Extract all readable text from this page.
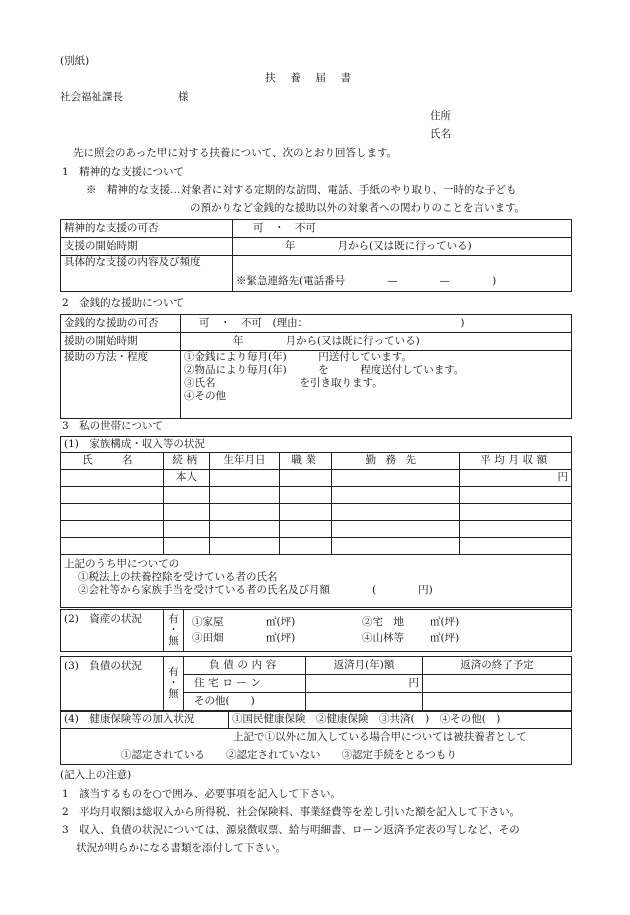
(別紙)
扶　養　届　書
社会福祉課長	様
住所
氏名
先に照会のあった甲に対する扶養について、次のとおり回答します。
1　精神的な支援について
※　精神的な支援…対象者に対する定期的な訪問、電話、手紙のやり取り、一時的な子ども
の預かりなど金銭的な援助以外の対象者への関わりのことを言います。
精神的な支援の可否	可　・　不可
支援の開始時期	年　　　　月から(又は既に行っている)
具体的な支援の内容及び頻度	※緊急連絡先(電話番号　　　　—　　　　—　　　　)
2　金銭的な援助について
金銭的な援助の可否	可　・　不可　(理由：　　　　　　　　　　　　　　　)
援助の開始時期	年　　　　月から(又は既に行っている)
援助の方法・程度	①金銭により毎月(年)　　　円送付しています。
②物品により毎月(年)　　　を　　　程度送付しています。
③氏名　　　　　　　　を引き取ります。
④その他
3　私の世帯について
(1)　家族構成・収入等の状況					
氏　名	続柄	生年月日	職業	勤務先	平均月収額
	本人				円

上記のうち甲についての
①税法上の扶養控除を受けている者の氏名
②会社等から家族手当を受けている者の氏名及び月額　　　　(　　　　円)					
(2)　資産の状況	有
・
無

①家屋	㎡(坪)	②宅　地 ㎡(坪)
③田畑	㎡(坪)	④山林等 ㎡(坪)
(3)　負債の状況	有
・
無	負債の内容	返済月(年)額	返済の終了予定
		住宅ローン	円	
		その他(　　)		
(4)　健康保険等の加入状況	①国民健康保険　②健康保険　③共済(　)　④その他(　)

上記で①以外に加入している場合甲については被扶養者として
①認定されている　　②認定されていない　　③認定手続をとるつもり
(記入上の注意)
1　該当するものを○で囲み、必要事項を記入して下さい。
2　平均月収額は総収入から所得税、社会保険料、事業経費等を差し引いた額を記入して下さい。
3　収入、負債の状況については、源泉徴収票、給与明細書、ローン返済予定表の写しなど、その
状況が明らかになる書類を添付して下さい。
